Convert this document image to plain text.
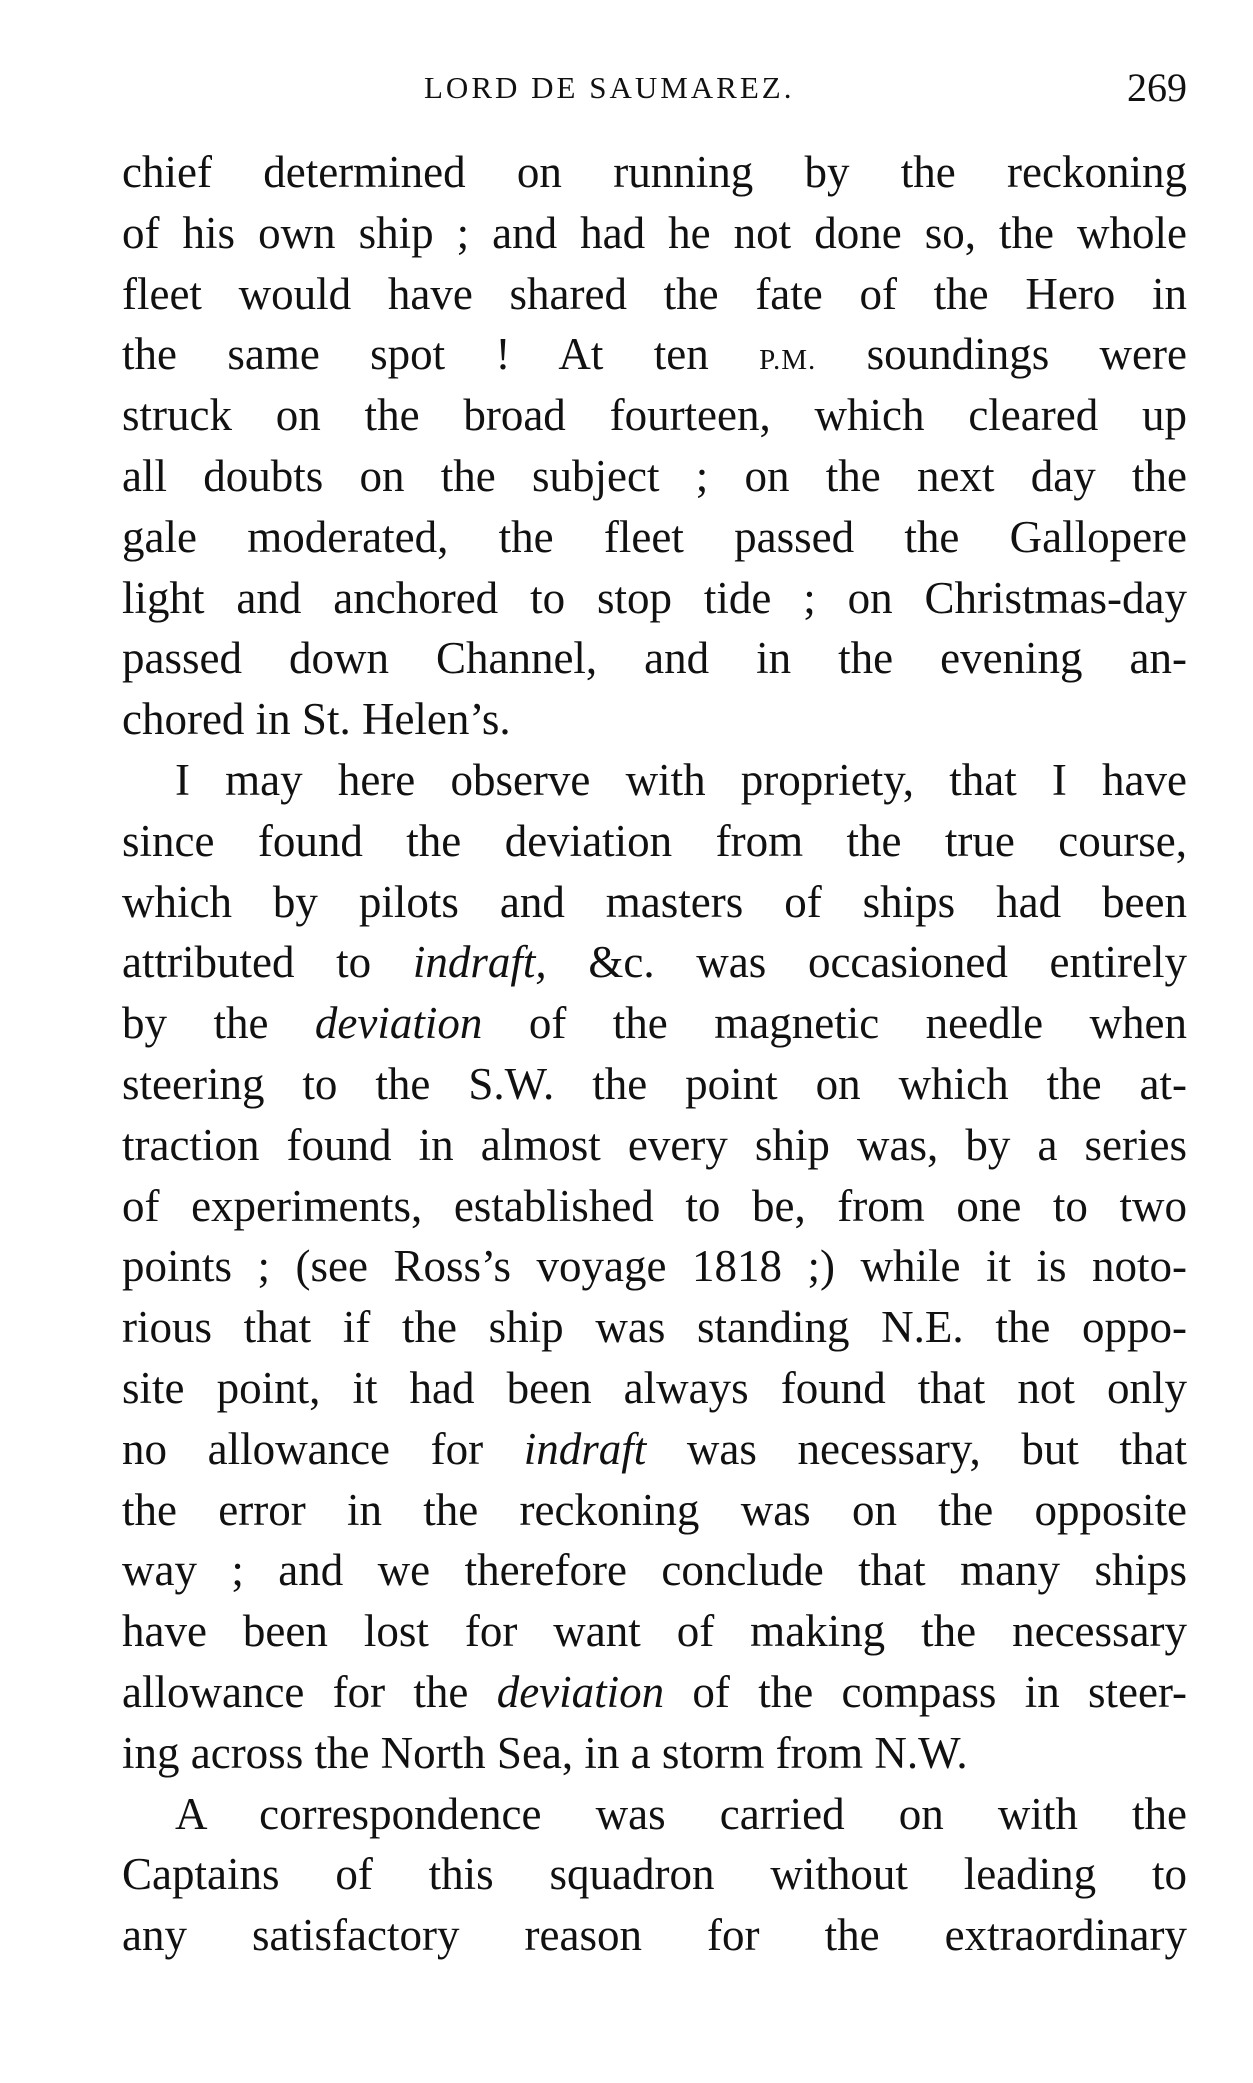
LORD DE SAUMAREZ.	269
chief determined on running by the reckoning
of his own ship ; and had he not done so, the whole
fleet would have shared the fate of the Hero in
the same spot ! At ten P.M. soundings were
struck on the broad fourteen, which cleared up
all doubts on the subject ; on the next day the
gale moderated, the fleet passed the Gallopere
light and anchored to stop tide ; on Christmas-day
passed down Channel, and in the evening an-
chored in St. Helen’s.
I may here observe with propriety, that I have
since found the deviation from the true course,
which by pilots and masters of ships had been
attributed to indraft, &c. was occasioned entirely
by the deviation of the magnetic needle when
steering to the S.W. the point on which the at-
traction found in almost every ship was, by a series
of experiments, established to be, from one to two
points ; (see Ross’s voyage 1818 ;) while it is noto-
rious that if the ship was standing N.E. the oppo-
site point, it had been always found that not only
no allowance for indraft was necessary, but that
the error in the reckoning was on the opposite
way ; and we therefore conclude that many ships
have been lost for want of making the necessary
allowance for the deviation of the compass in steer-
ing across the North Sea, in a storm from N.W.
A correspondence was carried on with the
Captains of this squadron without leading to
any satisfactory reason for the extraordinary
